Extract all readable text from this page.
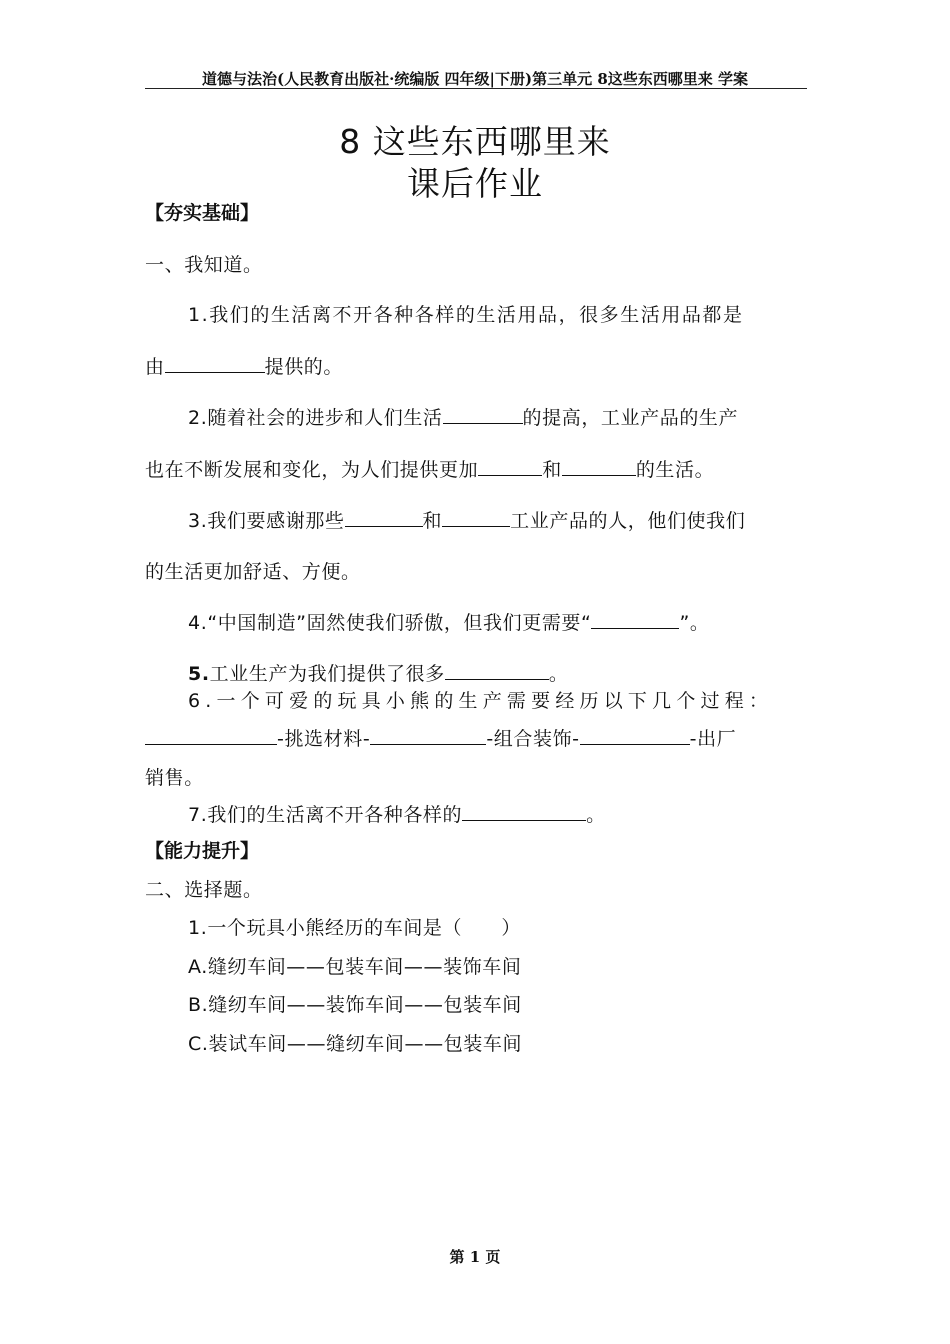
道德与法治(人民教育出版社·统编版 四年级|下册)第三单元 8这些东西哪里来 学案
8 这些东西哪里来
课后作业
【夯实基础】
一、我知道。
1.我们的生活离不开各种各样的生活用品，很多生活用品都是
由	提供的。
2.随着社会的进步和人们生活	的提高，工业产品的生产
也在不断发展和变化，为人们提供更加	和	的生活。
3.我们要感谢那些	和	工业产品的人，他们使我们
的生活更加舒适、方便。
4.“中国制造”固然使我们骄傲，但我们更需要“	”。
5.工业生产为我们提供了很多	。
6.一个可爱的玩具小熊的生产需要经历以下几个过程：
-挑选材料-	-组合装饰-	-出厂
销售。
7.我们的生活离不开各种各样的	。
【能力提升】
二、选择题。
1.一个玩具小熊经历的车间是（　　）
A.缝纫车间——包装车间——装饰车间
B.缝纫车间——装饰车间——包装车间
C.装试车间——缝纫车间——包装车间
第 1 页
